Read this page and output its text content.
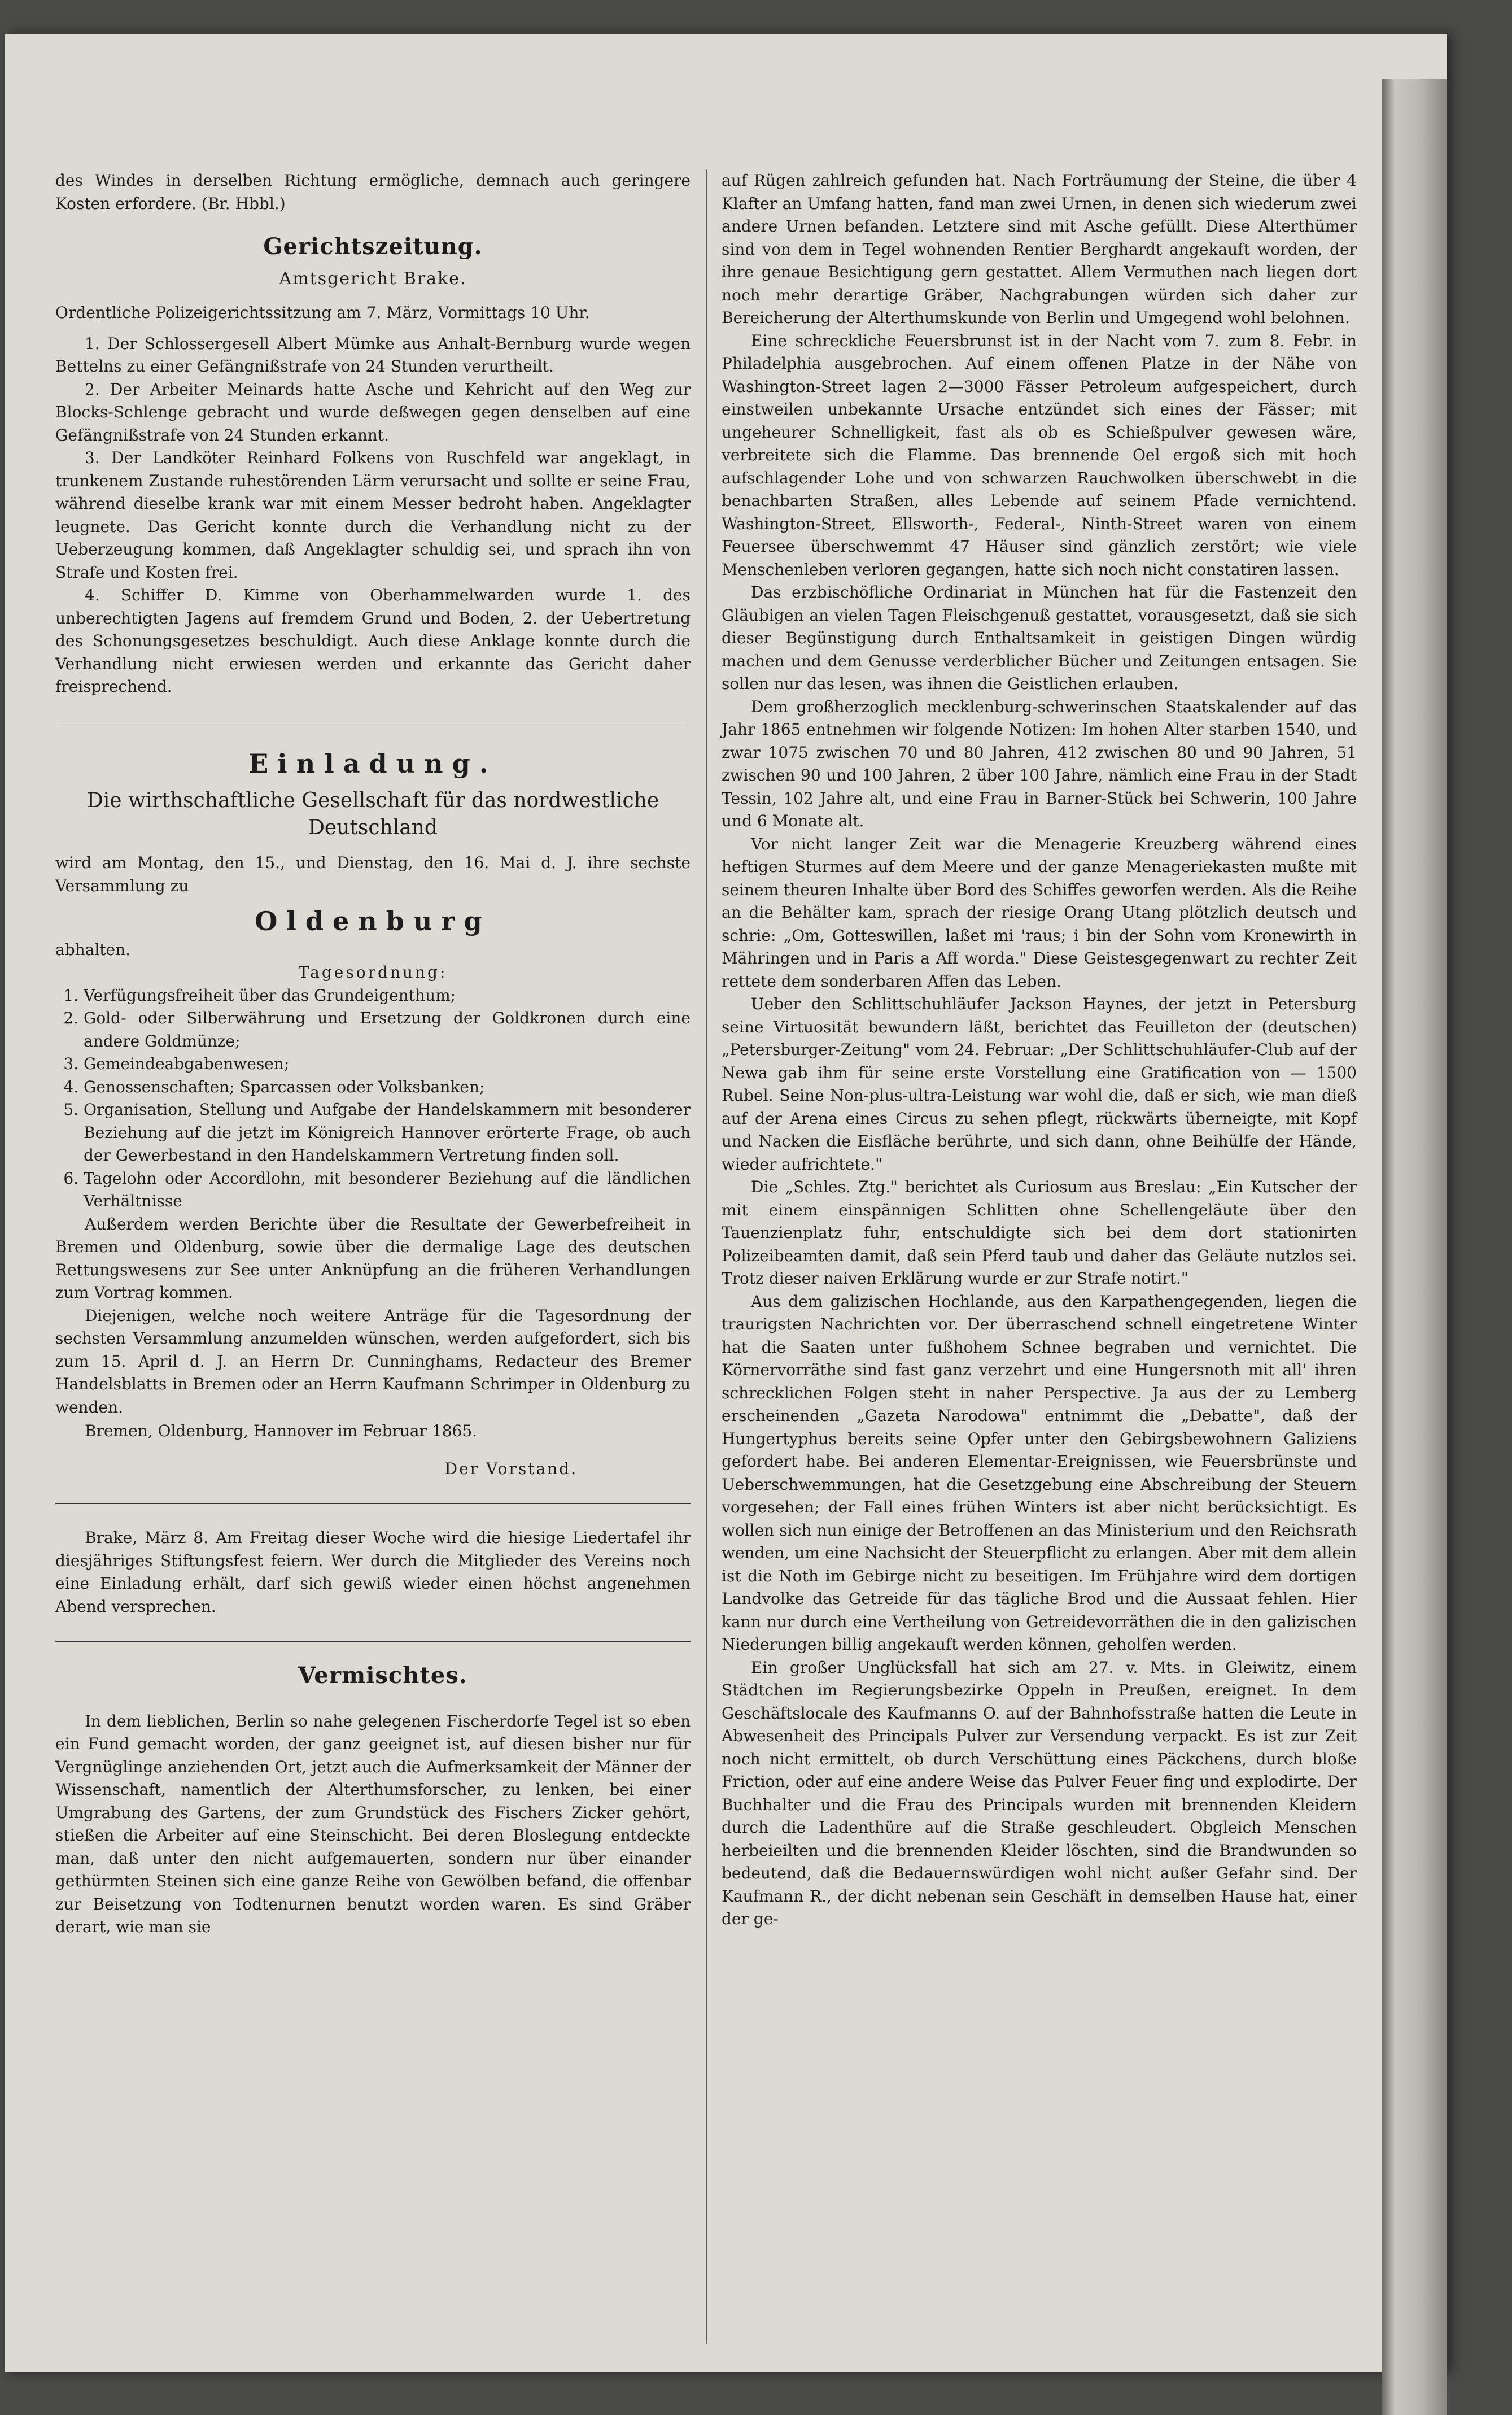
des Windes in derselben Richtung ermögliche, demnach auch geringere Kosten erfordere. (Br. Hbbl.)

Gerichtszeitung.
Amtsgericht Brake.

Ordentliche Polizeigerichtssitzung am 7. März, Vormittags 10 Uhr.

1. Der Schlossergesell Albert Mümke aus Anhalt-Bernburg wurde wegen Bettelns zu einer Gefängnißstrafe von 24 Stunden verurtheilt.

2. Der Arbeiter Meinards hatte Asche und Kehricht auf den Weg zur Blocks-Schlenge gebracht und wurde deßwegen gegen denselben auf eine Gefängnißstrafe von 24 Stunden erkannt.

3. Der Landköter Reinhard Folkens von Ruschfeld war angeklagt, in trunkenem Zustande ruhestörenden Lärm verursacht und sollte er seine Frau, während dieselbe krank war mit einem Messer bedroht haben. Angeklagter leugnete. Das Gericht konnte durch die Verhandlung nicht zu der Ueberzeugung kommen, daß Angeklagter schuldig sei, und sprach ihn von Strafe und Kosten frei.

4. Schiffer D. Kimme von Oberhammelwarden wurde 1. des unberechtigten Jagens auf fremdem Grund und Boden, 2. der Uebertretung des Schonungsgesetzes beschuldigt. Auch diese Anklage konnte durch die Verhandlung nicht erwiesen werden und erkannte das Gericht daher freisprechend.

Einladung.
Die wirthschaftliche Gesellschaft für das nordwestliche Deutschland

wird am Montag, den 15., und Dienstag, den 16. Mai d. J. ihre sechste Versammlung zu

Oldenburg

abhalten.

Tagesordnung:

1. Verfügungsfreiheit über das Grundeigenthum;
2. Gold- oder Silberwährung und Ersetzung der Goldkronen durch eine andere Goldmünze;
3. Gemeindeabgabenwesen;
4. Genossenschaften; Sparcassen oder Volksbanken;
5. Organisation, Stellung und Aufgabe der Handelskammern mit besonderer Beziehung auf die jetzt im Königreich Hannover erörterte Frage, ob auch der Gewerbestand in den Handelskammern Vertretung finden soll.
6. Tagelohn oder Accordlohn, mit besonderer Beziehung auf die ländlichen Verhältnisse

Außerdem werden Berichte über die Resultate der Gewerbefreiheit in Bremen und Oldenburg, sowie über die dermalige Lage des deutschen Rettungswesens zur See unter Anknüpfung an die früheren Verhandlungen zum Vortrag kommen.

Diejenigen, welche noch weitere Anträge für die Tagesordnung der sechsten Versammlung anzumelden wünschen, werden aufgefordert, sich bis zum 15. April d. J. an Herrn Dr. Cunninghams, Redacteur des Bremer Handelsblatts in Bremen oder an Herrn Kaufmann Schrimper in Oldenburg zu wenden.

Bremen, Oldenburg, Hannover im Februar 1865.

Der Vorstand.

Brake, März 8. Am Freitag dieser Woche wird die hiesige Liedertafel ihr diesjähriges Stiftungsfest feiern. Wer durch die Mitglieder des Vereins noch eine Einladung erhält, darf sich gewiß wieder einen höchst angenehmen Abend versprechen.

Vermischtes.

In dem lieblichen, Berlin so nahe gelegenen Fischerdorfe Tegel ist so eben ein Fund gemacht worden, der ganz geeignet ist, auf diesen bisher nur für Vergnüglinge anziehenden Ort, jetzt auch die Aufmerksamkeit der Männer der Wissenschaft, namentlich der Alterthumsforscher, zu lenken, bei einer Umgrabung des Gartens, der zum Grundstück des Fischers Zicker gehört, stießen die Arbeiter auf eine Steinschicht. Bei deren Bloslegung entdeckte man, daß unter den nicht aufgemauerten, sondern nur über einander gethürmten Steinen sich eine ganze Reihe von Gewölben befand, die offenbar zur Beisetzung von Todtenurnen benutzt worden waren. Es sind Gräber derart, wie man sie

auf Rügen zahlreich gefunden hat. Nach Forträumung der Steine, die über 4 Klafter an Umfang hatten, fand man zwei Urnen, in denen sich wiederum zwei andere Urnen befanden. Letztere sind mit Asche gefüllt. Diese Alterthümer sind von dem in Tegel wohnenden Rentier Berghardt angekauft worden, der ihre genaue Besichtigung gern gestattet. Allem Vermuthen nach liegen dort noch mehr derartige Gräber, Nachgrabungen würden sich daher zur Bereicherung der Alterthumskunde von Berlin und Umgegend wohl belohnen.

Eine schreckliche Feuersbrunst ist in der Nacht vom 7. zum 8. Febr. in Philadelphia ausgebrochen. Auf einem offenen Platze in der Nähe von Washington-Street lagen 2—3000 Fässer Petroleum aufgespeichert, durch einstweilen unbekannte Ursache entzündet sich eines der Fässer; mit ungeheurer Schnelligkeit, fast als ob es Schießpulver gewesen wäre, verbreitete sich die Flamme. Das brennende Oel ergoß sich mit hoch aufschlagender Lohe und von schwarzen Rauchwolken überschwebt in die benachbarten Straßen, alles Lebende auf seinem Pfade vernichtend. Washington-Street, Ellsworth-, Federal-, Ninth-Street waren von einem Feuersee überschwemmt 47 Häuser sind gänzlich zerstört; wie viele Menschenleben verloren gegangen, hatte sich noch nicht constatiren lassen.

Das erzbischöfliche Ordinariat in München hat für die Fastenzeit den Gläubigen an vielen Tagen Fleischgenuß gestattet, vorausgesetzt, daß sie sich dieser Begünstigung durch Enthaltsamkeit in geistigen Dingen würdig machen und dem Genusse verderblicher Bücher und Zeitungen entsagen. Sie sollen nur das lesen, was ihnen die Geistlichen erlauben.

Dem großherzoglich mecklenburg-schwerinschen Staatskalender auf das Jahr 1865 entnehmen wir folgende Notizen: Im hohen Alter starben 1540, und zwar 1075 zwischen 70 und 80 Jahren, 412 zwischen 80 und 90 Jahren, 51 zwischen 90 und 100 Jahren, 2 über 100 Jahre, nämlich eine Frau in der Stadt Tessin, 102 Jahre alt, und eine Frau in Barner-Stück bei Schwerin, 100 Jahre und 6 Monate alt.

Vor nicht langer Zeit war die Menagerie Kreuzberg während eines heftigen Sturmes auf dem Meere und der ganze Menageriekasten mußte mit seinem theuren Inhalte über Bord des Schiffes geworfen werden. Als die Reihe an die Behälter kam, sprach der riesige Orang Utang plötzlich deutsch und schrie: „Om, Gotteswillen, laßet mi 'raus; i bin der Sohn vom Kronewirth in Mähringen und in Paris a Aff worda." Diese Geistesgegenwart zu rechter Zeit rettete dem sonderbaren Affen das Leben.

Ueber den Schlittschuhläufer Jackson Haynes, der jetzt in Petersburg seine Virtuosität bewundern läßt, berichtet das Feuilleton der (deutschen) „Petersburger-Zeitung" vom 24. Februar: „Der Schlittschuhläufer-Club auf der Newa gab ihm für seine erste Vorstellung eine Gratification von — 1500 Rubel. Seine Non-plus-ultra-Leistung war wohl die, daß er sich, wie man dieß auf der Arena eines Circus zu sehen pflegt, rückwärts überneigte, mit Kopf und Nacken die Eisfläche berührte, und sich dann, ohne Beihülfe der Hände, wieder aufrichtete."

Die „Schles. Ztg." berichtet als Curiosum aus Breslau: „Ein Kutscher der mit einem einspännigen Schlitten ohne Schellengeläute über den Tauenzienplatz fuhr, entschuldigte sich bei dem dort stationirten Polizeibeamten damit, daß sein Pferd taub und daher das Geläute nutzlos sei. Trotz dieser naiven Erklärung wurde er zur Strafe notirt."

Aus dem galizischen Hochlande, aus den Karpathengegenden, liegen die traurigsten Nachrichten vor. Der überraschend schnell eingetretene Winter hat die Saaten unter fußhohem Schnee begraben und vernichtet. Die Körnervorräthe sind fast ganz verzehrt und eine Hungersnoth mit all' ihren schrecklichen Folgen steht in naher Perspective. Ja aus der zu Lemberg erscheinenden „Gazeta Narodowa" entnimmt die „Debatte", daß der Hungertyphus bereits seine Opfer unter den Gebirgsbewohnern Galiziens gefordert habe. Bei anderen Elementar-Ereignissen, wie Feuersbrünste und Ueberschwemmungen, hat die Gesetzgebung eine Abschreibung der Steuern vorgesehen; der Fall eines frühen Winters ist aber nicht berücksichtigt. Es wollen sich nun einige der Betroffenen an das Ministerium und den Reichsrath wenden, um eine Nachsicht der Steuerpflicht zu erlangen. Aber mit dem allein ist die Noth im Gebirge nicht zu beseitigen. Im Frühjahre wird dem dortigen Landvolke das Getreide für das tägliche Brod und die Aussaat fehlen. Hier kann nur durch eine Vertheilung von Getreidevorräthen die in den galizischen Niederungen billig angekauft werden können, geholfen werden.

Ein großer Unglücksfall hat sich am 27. v. Mts. in Gleiwitz, einem Städtchen im Regierungsbezirke Oppeln in Preußen, ereignet. In dem Geschäftslocale des Kaufmanns O. auf der Bahnhofsstraße hatten die Leute in Abwesenheit des Principals Pulver zur Versendung verpackt. Es ist zur Zeit noch nicht ermittelt, ob durch Verschüttung eines Päckchens, durch bloße Friction, oder auf eine andere Weise das Pulver Feuer fing und explodirte. Der Buchhalter und die Frau des Principals wurden mit brennenden Kleidern durch die Ladenthüre auf die Straße geschleudert. Obgleich Menschen herbeieilten und die brennenden Kleider löschten, sind die Brandwunden so bedeutend, daß die Bedauernswürdigen wohl nicht außer Gefahr sind. Der Kaufmann R., der dicht nebenan sein Geschäft in demselben Hause hat, einer der ge-
